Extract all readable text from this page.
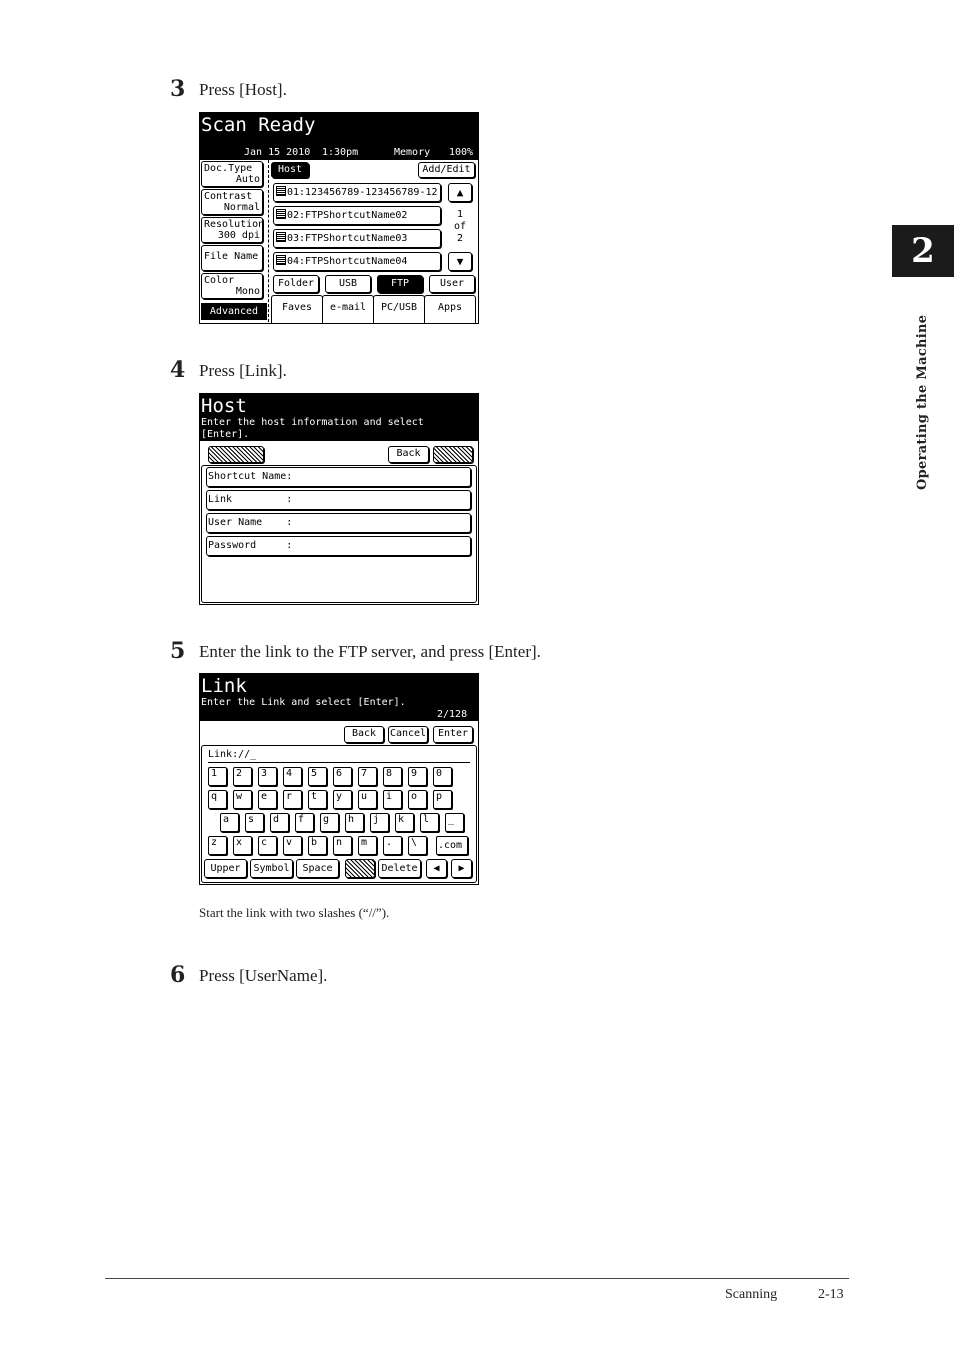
3 Press [Host].
Scan Ready
Jan 15 2010 1:30pm	Memory 100%
Doc.Type
Auto
Contrast
Normal
Resolution
300 dpi
File Name
Color
Mono
Advanced
Host	Add/Edit
01:123456789-123456789-12
02:FTPShortcutName02
03:FTPShortcutName03
04:FTPShortcutName04
▲
1
of
2
▼
Folder	USB	FTP	User
Faves	e-mail	PC/USB	Apps
4 Press [Link].
Host
Enter the host information and select
[Enter].
Back
Shortcut Name:
Link         :
User Name    :
Password     :
5 Enter the link to the FTP server, and press [Enter].
Link
Enter the Link and select [Enter].
2/128
Back	Cancel	Enter
Link://_
1	2	3	4	5	6	7	8	9	0
q	w	e	r	t	y	u	i	o	p
a	s	d	f	g	h	j	k	l	_
z	x	c	v	b	n	m	.	\	.com
Upper	Symbol	Space	Delete	◀	▶
Start the link with two slashes (“//”).
6 Press [UserName].
2
Operating the Machine
Scanning	2-13
